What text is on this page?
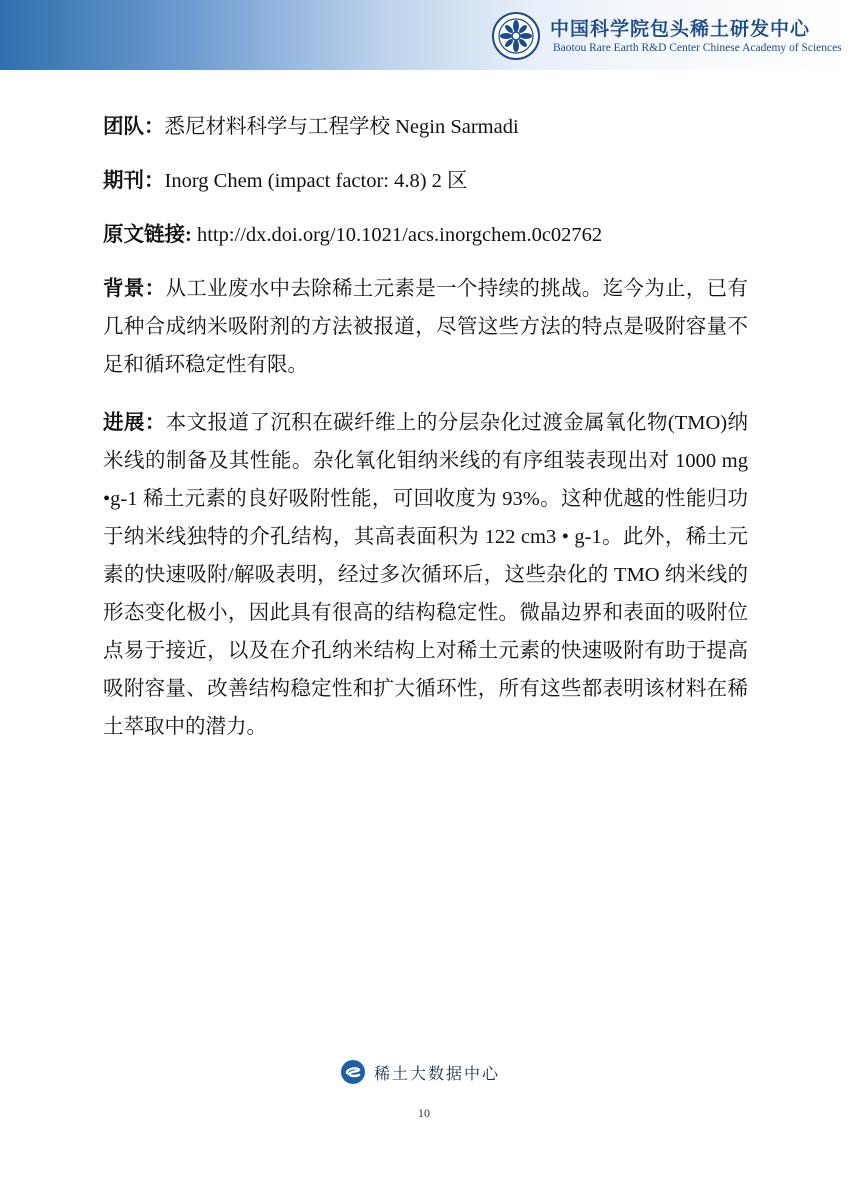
中国科学院包头稀土研发中心
Baotou Rare Earth R&D Center Chinese Academy of Sciences

团队：悉尼材料科学与工程学校 Negin Sarmadi

期刊：Inorg Chem (impact factor: 4.8) 2 区

原文链接: http://dx.doi.org/10.1021/acs.inorgchem.0c02762

背景：从工业废水中去除稀土元素是一个持续的挑战。迄今为止，已有几种合成纳米吸附剂的方法被报道，尽管这些方法的特点是吸附容量不足和循环稳定性有限。

进展：本文报道了沉积在碳纤维上的分层杂化过渡金属氧化物(TMO)纳米线的制备及其性能。杂化氧化钼纳米线的有序组装表现出对 1000 mg •g-1 稀土元素的良好吸附性能，可回收度为 93%。这种优越的性能归功于纳米线独特的介孔结构，其高表面积为 122 cm3 • g-1。此外，稀土元素的快速吸附/解吸表明，经过多次循环后，这些杂化的 TMO 纳米线的形态变化极小，因此具有很高的结构稳定性。微晶边界和表面的吸附位点易于接近，以及在介孔纳米结构上对稀土元素的快速吸附有助于提高吸附容量、改善结构稳定性和扩大循环性，所有这些都表明该材料在稀土萃取中的潜力。

稀土大数据中心
10
